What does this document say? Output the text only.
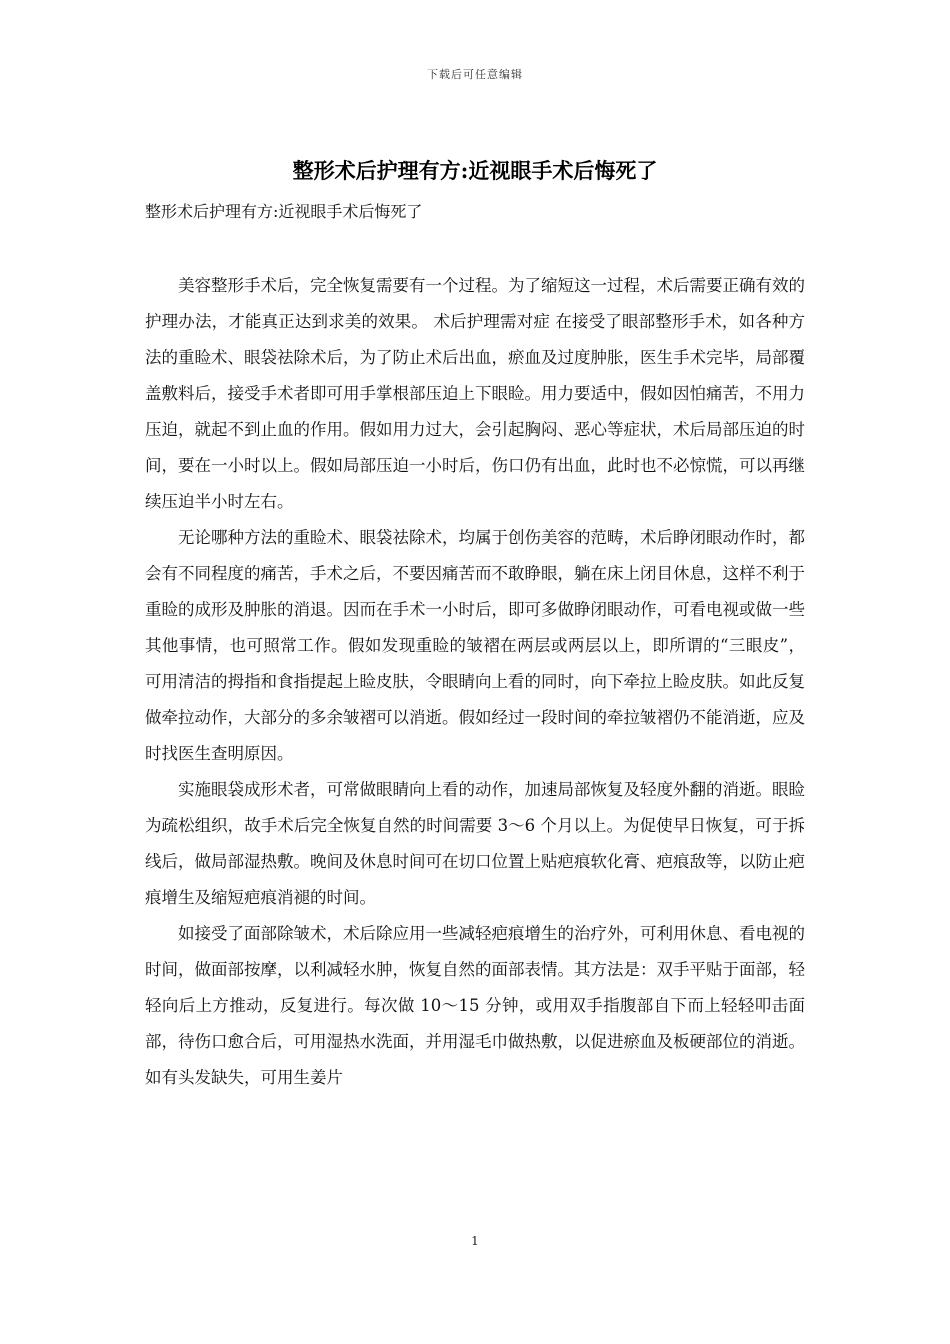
下载后可任意编辑
整形术后护理有方:近视眼手术后悔死了
整形术后护理有方:近视眼手术后悔死了

美容整形手术后，完全恢复需要有一个过程。为了缩短这一过程，术后需要正确有效的护理办法，才能真正达到求美的效果。 术后护理需对症 在接受了眼部整形手术，如各种方法的重睑术、眼袋祛除术后，为了防止术后出血，瘀血及过度肿胀，医生手术完毕，局部覆盖敷料后，接受手术者即可用手掌根部压迫上下眼睑。用力要适中，假如因怕痛苦，不用力压迫，就起不到止血的作用。假如用力过大，会引起胸闷、恶心等症状，术后局部压迫的时间，要在一小时以上。假如局部压迫一小时后，伤口仍有出血，此时也不必惊慌，可以再继续压迫半小时左右。

无论哪种方法的重睑术、眼袋祛除术，均属于创伤美容的范畴，术后睁闭眼动作时，都会有不同程度的痛苦，手术之后，不要因痛苦而不敢睁眼，躺在床上闭目休息，这样不利于重睑的成形及肿胀的消退。因而在手术一小时后，即可多做睁闭眼动作，可看电视或做一些其他事情，也可照常工作。假如发现重睑的皱褶在两层或两层以上，即所谓的“三眼皮”，可用清洁的拇指和食指提起上睑皮肤，令眼睛向上看的同时，向下牵拉上睑皮肤。如此反复做牵拉动作，大部分的多余皱褶可以消逝。假如经过一段时间的牵拉皱褶仍不能消逝，应及时找医生查明原因。

实施眼袋成形术者，可常做眼睛向上看的动作，加速局部恢复及轻度外翻的消逝。眼睑为疏松组织，故手术后完全恢复自然的时间需要 3～6 个月以上。为促使早日恢复，可于拆线后，做局部湿热敷。晚间及休息时间可在切口位置上贴疤痕软化膏、疤痕敌等，以防止疤痕增生及缩短疤痕消褪的时间。

如接受了面部除皱术，术后除应用一些减轻疤痕增生的治疗外，可利用休息、看电视的时间，做面部按摩，以利减轻水肿，恢复自然的面部表情。其方法是：双手平贴于面部，轻轻向后上方推动，反复进行。每次做 10～15 分钟，或用双手指腹部自下而上轻轻叩击面部，待伤口愈合后，可用湿热水洗面，并用湿毛巾做热敷，以促进瘀血及板硬部位的消逝。如有头发缺失，可用生姜片

1
